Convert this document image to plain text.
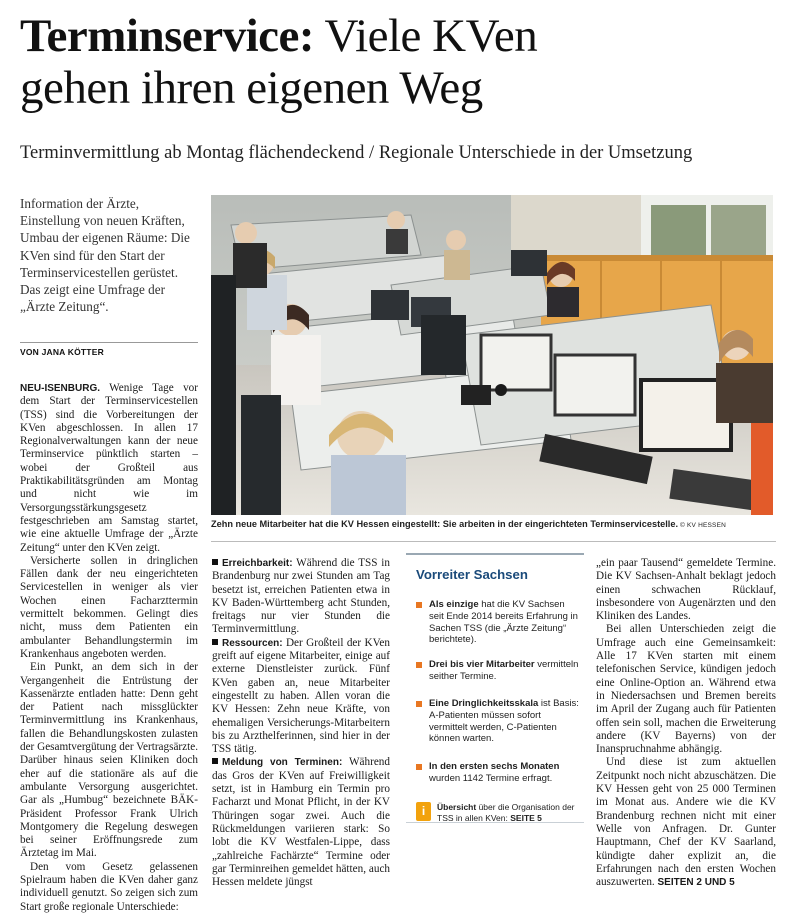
Terminservice: Viele KVen
gehen ihren eigenen Weg
Terminvermittlung ab Montag flächendeckend / Regionale Unterschiede in der Umsetzung
Information der Ärzte, Einstellung von neuen Kräften, Umbau der eigenen Räume: Die KVen sind für den Start der Terminservicestellen gerüstet. Das zeigt eine Umfrage der „Ärzte Zeitung“.
VON JANA KÖTTER

NEU-ISENBURG. Wenige Tage vor dem Start der Terminservicestellen (TSS) sind die Vorbereitungen der KVen abgeschlossen. In allen 17 Regionalverwaltungen kann der neue Terminservice pünktlich starten – wobei der Großteil aus Praktikabilitätsgründen am Montag und nicht wie im Versorgungsstärkungsgesetz festgeschrieben am Samstag startet, wie eine aktuelle Umfrage der „Ärzte Zeitung“ unter den KVen zeigt.

Versicherte sollen in dringlichen Fällen dank der neu eingerichteten Servicestellen in weniger als vier Wochen einen Facharzttermin vermittelt bekommen. Gelingt dies nicht, muss dem Patienten ein ambulanter Behandlungstermin im Krankenhaus angeboten werden.

Ein Punkt, an dem sich in der Vergangenheit die Entrüstung der Kassenärzte entladen hatte: Denn geht der Patient nach missglückter Terminvermittlung ins Krankenhaus, fallen die Behandlungskosten zulasten der Gesamtvergütung der Vertragsärzte. Darüber hinaus seien Kliniken doch eher auf die stationäre als auf die ambulante Versorgung ausgerichtet. Gar als „Humbug“ bezeichnete BÄK-Präsident Professor Frank Ulrich Montgomery die Regelung deswegen bei seiner Eröffnungsrede zum Ärztetag im Mai.

Den vom Gesetz gelassenen Spielraum haben die KVen daher ganz individuell genutzt. So zeigen sich zum Start große regionale Unterschiede:

Zehn neue Mitarbeiter hat die KV Hessen eingestellt: Sie arbeiten in der eingerichteten Terminservicestelle. © KV HESSEN

Erreichbarkeit: Während die TSS in Brandenburg nur zwei Stunden am Tag besetzt ist, erreichen Patienten etwa in KV Baden-Württemberg acht Stunden, freitags nur vier Stunden die Terminvermittlung.

Ressourcen: Der Großteil der KVen greift auf eigene Mitarbeiter, einige auf externe Dienstleister zurück. Fünf KVen gaben an, neue Mitarbeiter eingestellt zu haben. Allen voran die KV Hessen: Zehn neue Kräfte, von ehemaligen Versicherungs-Mitarbeitern bis zu Arzthelferinnen, sind hier in der TSS tätig.

Meldung von Terminen: Während das Gros der KVen auf Freiwilligkeit setzt, ist in Hamburg ein Termin pro Facharzt und Monat Pflicht, in der KV Thüringen sogar zwei. Auch die Rückmeldungen variieren stark: So lobt die KV Westfalen-Lippe, dass „zahlreiche Fachärzte“ Termine oder gar Terminreihen gemeldet hätten, auch Hessen meldete jüngst

Vorreiter Sachsen
Als einzige hat die KV Sachsen seit Ende 2014 bereits Erfahrung in Sachen TSS (die „Ärzte Zeitung“ berichtete).
Drei bis vier Mitarbeiter vermitteln seither Termine.
Eine Dringlichkeitsskala ist Basis: A-Patienten müssen sofort vermittelt werden, C-Patienten können warten.
In den ersten sechs Monaten wurden 1142 Termine erfragt.
i	Übersicht über die Organisation der TSS in allen KVen: SEITE 5

„ein paar Tausend“ gemeldete Termine. Die KV Sachsen-Anhalt beklagt jedoch einen schwachen Rücklauf, insbesondere von Augenärzten und den Kliniken des Landes.

Bei allen Unterschieden zeigt die Umfrage auch eine Gemeinsamkeit: Alle 17 KVen starten mit einem telefonischen Service, kündigen jedoch eine Online-Option an. Während etwa in Niedersachsen und Bremen bereits im April der Zugang auch für Patienten offen sein soll, machen die Erweiterung andere (KV Bayerns) von der Inanspruchnahme abhängig.

Und diese ist zum aktuellen Zeitpunkt noch nicht abzuschätzen. Die KV Hessen geht von 25 000 Terminen im Monat aus. Andere wie die KV Brandenburg rechnen nicht mit einer Welle von Anfragen. Dr. Gunter Hauptmann, Chef der KV Saarland, kündigte daher explizit an, die Erfahrungen nach den ersten Wochen auszuwerten. SEITEN 2 UND 5
